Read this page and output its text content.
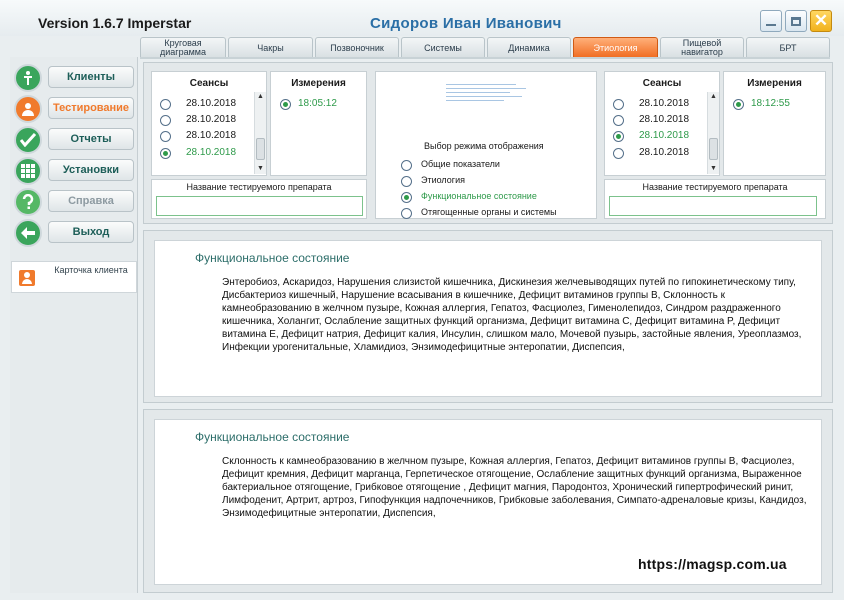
Version 1.6.7 Imperstar	Сидоров Иван Иванович	✕
Круговая диаграмма	Чакры	Позвоночник	Системы	Динамика	Этиология	Пищевой навигатор	БРТ
Клиенты
Тестирование
Отчеты
Установки
Справка
Выход
Карточка клиента
Сеансы
28.10.2018
28.10.2018
28.10.2018
28.10.2018
▲
▼
Измерения
18:05:12
Название тестируемого препарата
Выбор режима отображения
Общие показатели
Этиология
Функциональное состояние
Отягощенные органы и системы
Сеансы
28.10.2018
28.10.2018
28.10.2018
28.10.2018
▲
▼
Измерения
18:12:55
Название тестируемого препарата
Функциональное состояние
Энтеробиоз, Аскаридоз, Нарушения слизистой кишечника, Дискинезия желчевыводящих путей по гипокинетическому типу, Дисбактериоз кишечный, Нарушение всасывания в кишечнике, Дефицит витаминов группы B, Склонность к камнеобразованию в желчном пузыре, Кожная аллергия, Гепатоз, Фасциолез, Гименолепидоз, Синдром раздраженного кишечника, Холангит, Ослабление защитных функций организма, Дефицит витамина C, Дефицит витамина P, Дефицит витамина E, Дефицит натрия, Дефицит калия, Инсулин, слишком мало, Мочевой пузырь, застойные явления, Уреоплазмоз, Инфекции урогенитальные, Хламидиоз, Энзимодефицитные энтеропатии, Диспепсия,
Функциональное состояние
Склонность к камнеобразованию в желчном пузыре, Кожная аллергия, Гепатоз, Дефицит витаминов группы B, Фасциолез, Дефицит кремния, Дефицит марганца, Герпетическое отягощение, Ослабление защитных функций организма, Выраженное бактериальное отягощение, Грибковое отягощение , Дефицит магния, Пародонтоз, Хронический гипертрофический ринит, Лимфоденит, Артрит, артроз, Гипофункция надпочечников, Грибковые заболевания, Симпато-адреналовые кризы, Кандидоз, Энзимодефицитные энтеропатии, Диспепсия,
https://magsp.com.ua
